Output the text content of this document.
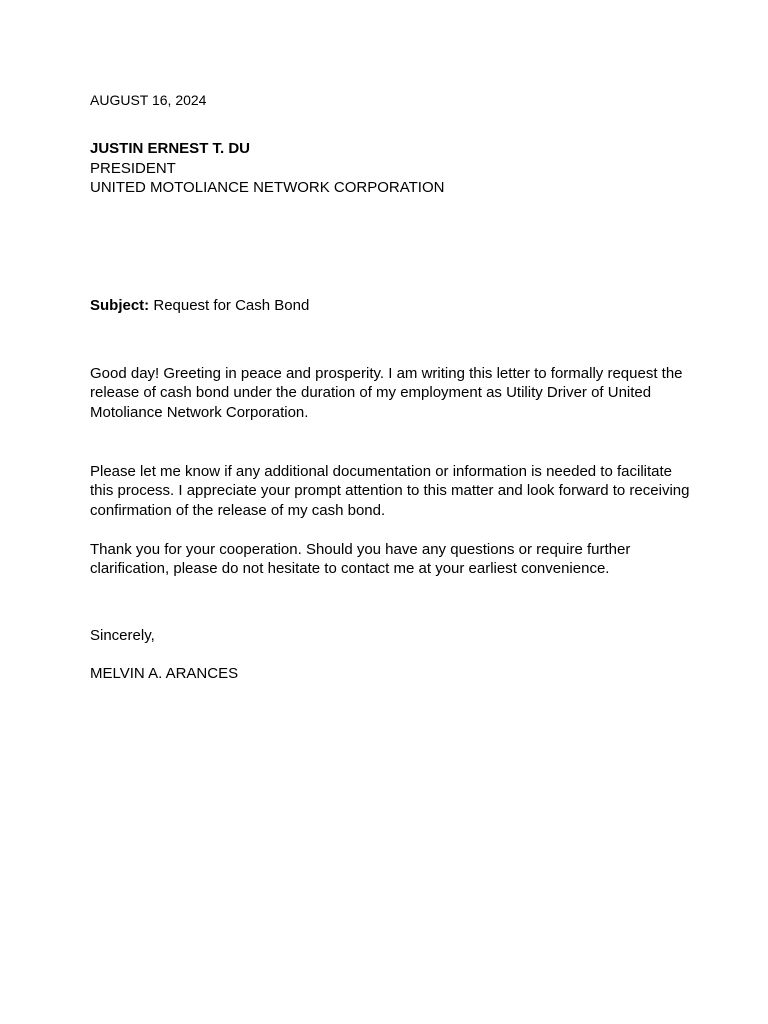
AUGUST 16, 2024
JUSTIN ERNEST T. DU
PRESIDENT
UNITED MOTOLIANCE NETWORK CORPORATION
Subject: Request for Cash Bond

Good day! Greeting in peace and prosperity. I am writing this letter to formally request the release of cash bond under the duration of my employment as Utility Driver of United Motoliance Network Corporation.

Please let me know if any additional documentation or information is needed to facilitate this process. I appreciate your prompt attention to this matter and look forward to receiving confirmation of the release of my cash bond.

Thank you for your cooperation. Should you have any questions or require further clarification, please do not hesitate to contact me at your earliest convenience.

Sincerely,
MELVIN A. ARANCES
